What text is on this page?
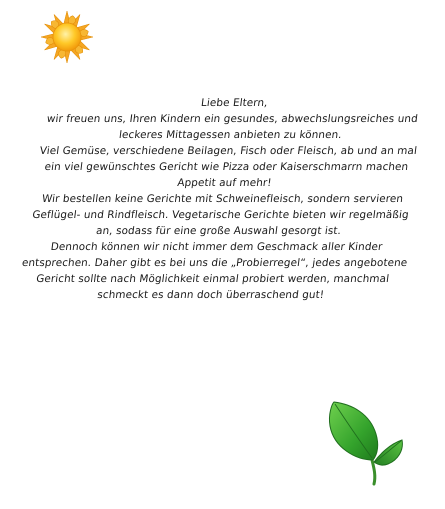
Liebe Eltern,

wir freuen uns, Ihren Kindern ein gesundes, abwechslungsreiches und

leckeres Mittagessen anbieten zu können.

Viel Gemüse, verschiedene Beilagen, Fisch oder Fleisch, ab und an mal

ein viel gewünschtes Gericht wie Pizza oder Kaiserschmarrn machen

Appetit auf mehr!

Wir bestellen keine Gerichte mit Schweinefleisch, sondern servieren

Geflügel- und Rindfleisch. Vegetarische Gerichte bieten wir regelmäßig

an, sodass für eine große Auswahl gesorgt ist.

Dennoch können wir nicht immer dem Geschmack aller Kinder

entsprechen. Daher gibt es bei uns die „Probierregel“, jedes angebotene

Gericht sollte nach Möglichkeit einmal probiert werden, manchmal

schmeckt es dann doch überraschend gut!
